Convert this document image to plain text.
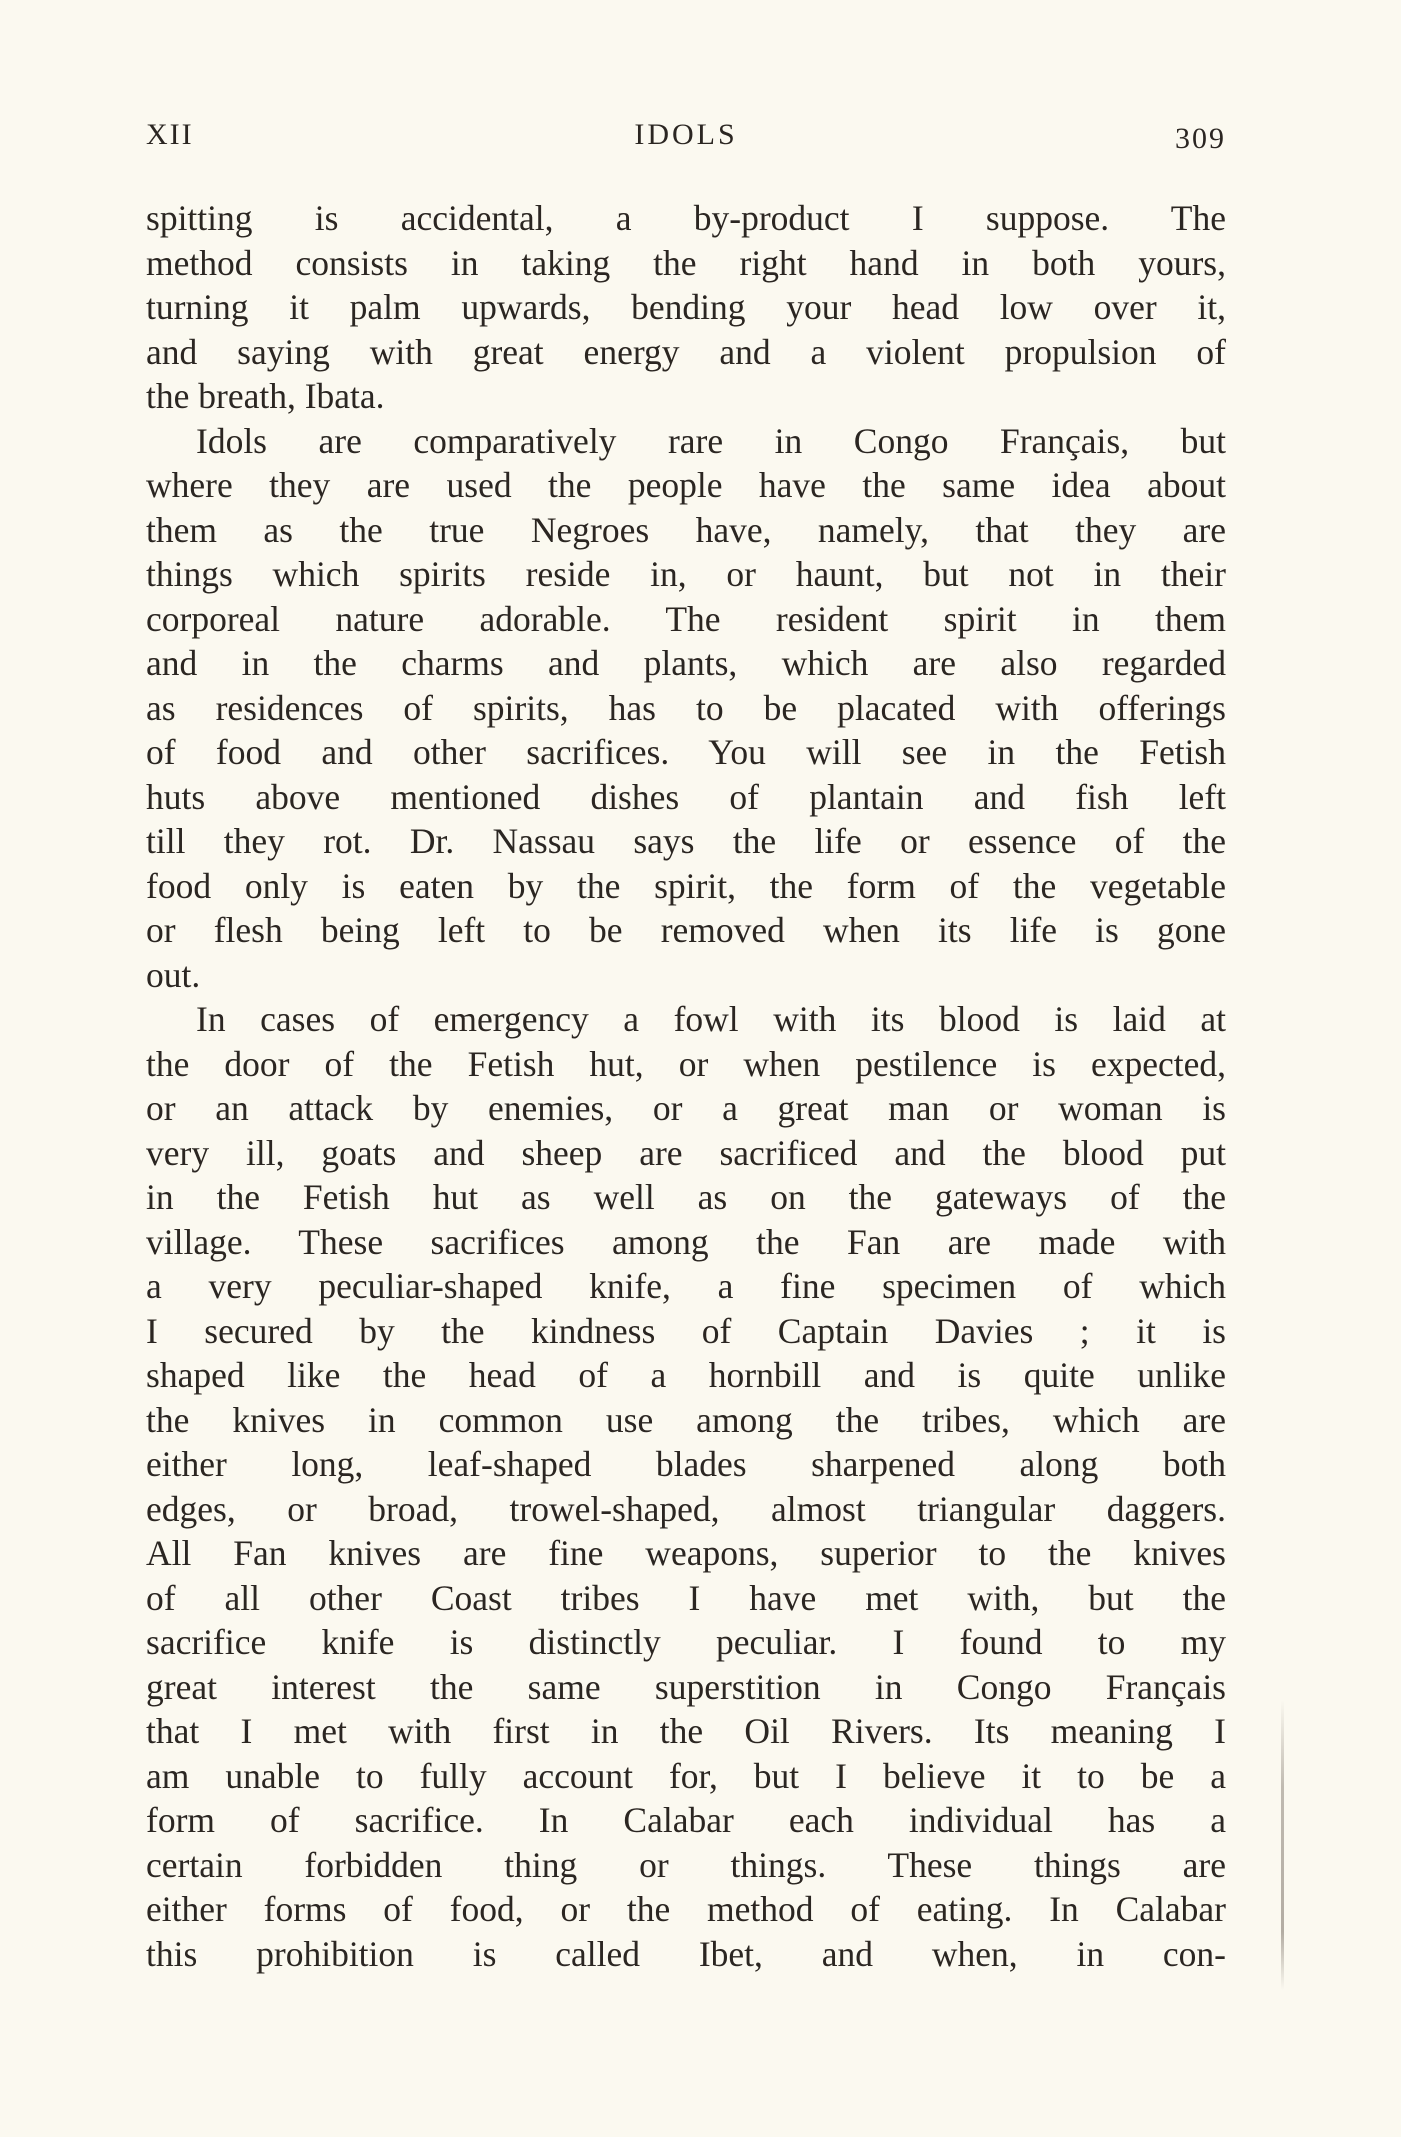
XII	IDOLS	309
spitting is accidental, a by-product I suppose. The
method consists in taking the right hand in both yours,
turning it palm upwards, bending your head low over it,
and saying with great energy and a violent propulsion of
the breath, Ibata.
Idols are comparatively rare in Congo Français, but
where they are used the people have the same idea about
them as the true Negroes have, namely, that they are
things which spirits reside in, or haunt, but not in their
corporeal nature adorable. The resident spirit in them
and in the charms and plants, which are also regarded
as residences of spirits, has to be placated with offerings
of food and other sacrifices. You will see in the Fetish
huts above mentioned dishes of plantain and fish left
till they rot. Dr. Nassau says the life or essence of the
food only is eaten by the spirit, the form of the vegetable
or flesh being left to be removed when its life is gone
out.
In cases of emergency a fowl with its blood is laid at
the door of the Fetish hut, or when pestilence is expected,
or an attack by enemies, or a great man or woman is
very ill, goats and sheep are sacrificed and the blood put
in the Fetish hut as well as on the gateways of the
village. These sacrifices among the Fan are made with
a very peculiar-shaped knife, a fine specimen of which
I secured by the kindness of Captain Davies ; it is
shaped like the head of a hornbill and is quite unlike
the knives in common use among the tribes, which are
either long, leaf-shaped blades sharpened along both
edges, or broad, trowel-shaped, almost triangular daggers.
All Fan knives are fine weapons, superior to the knives
of all other Coast tribes I have met with, but the
sacrifice knife is distinctly peculiar. I found to my
great interest the same superstition in Congo Français
that I met with first in the Oil Rivers. Its meaning I
am unable to fully account for, but I believe it to be a
form of sacrifice. In Calabar each individual has a
certain forbidden thing or things. These things are
either forms of food, or the method of eating. In Calabar
this prohibition is called Ibet, and when, in con-
